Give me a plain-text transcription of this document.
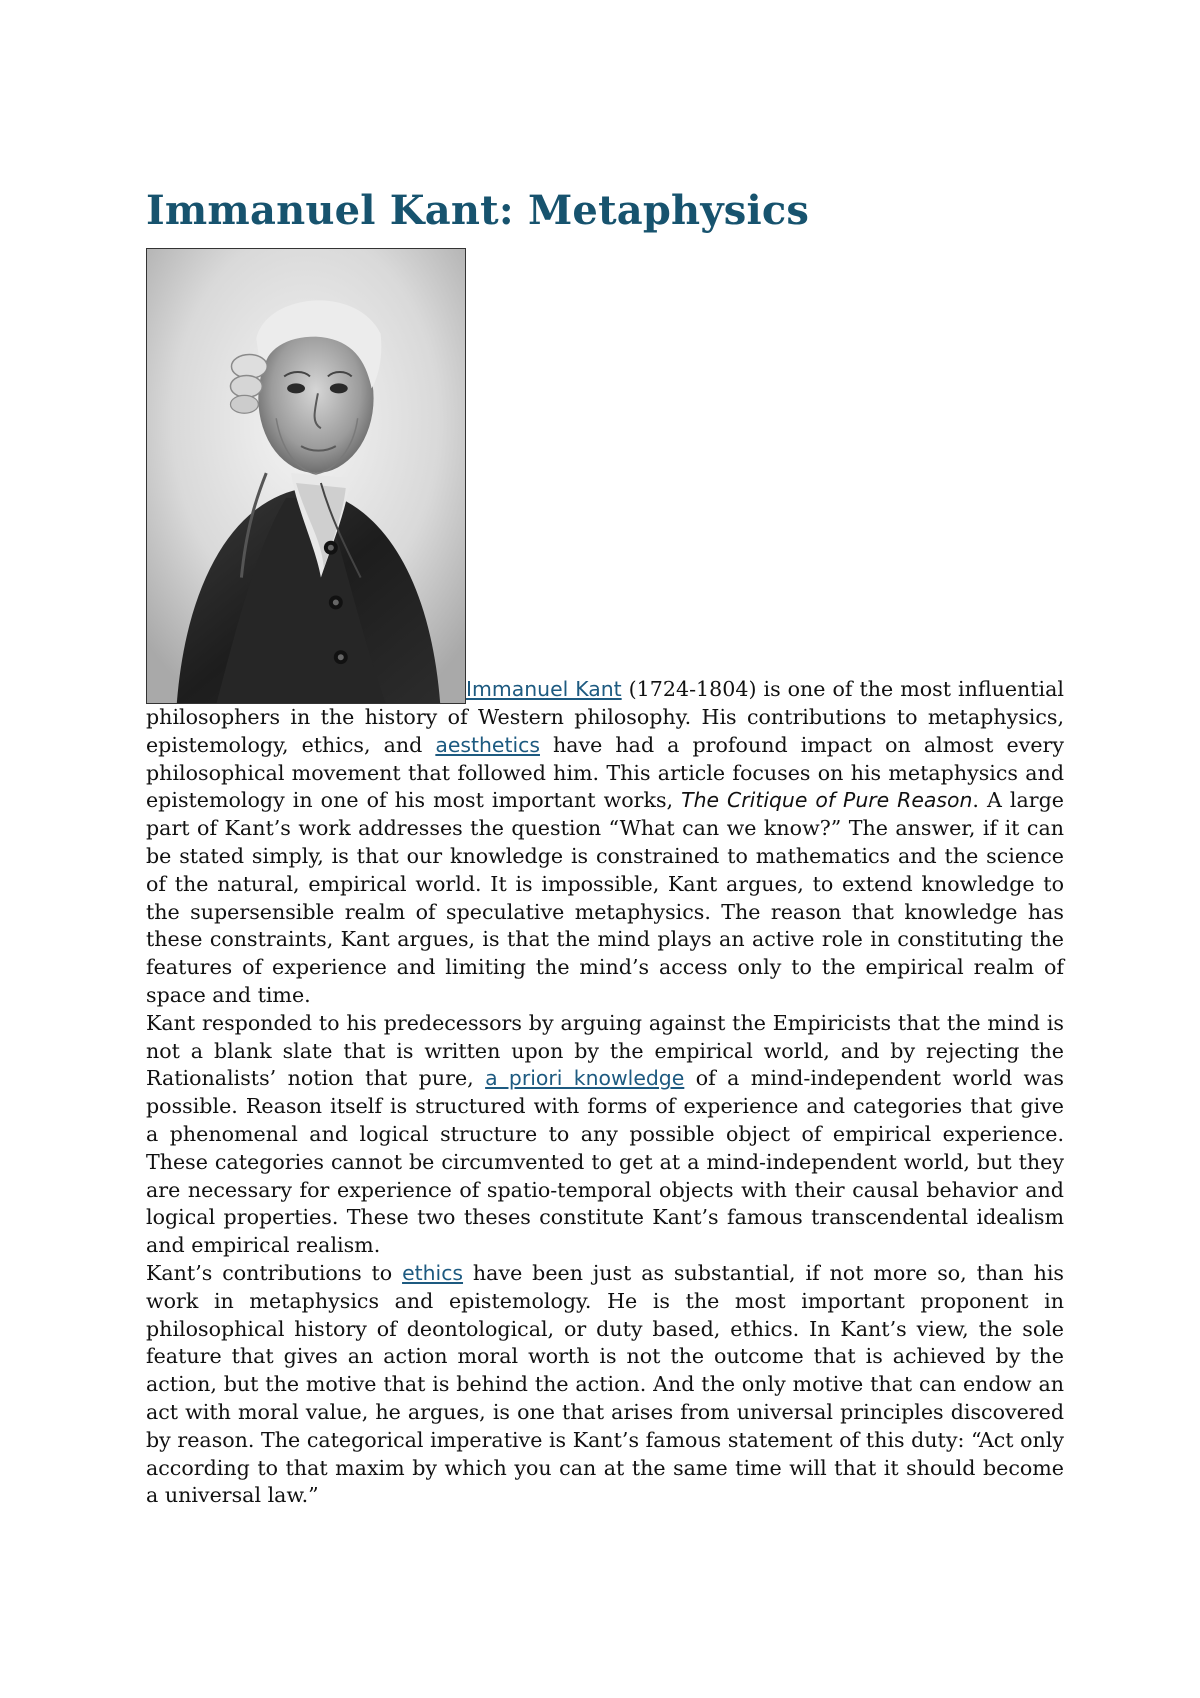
Immanuel Kant: Metaphysics

Immanuel Kant (1724-1804) is one of the most influential philosophers in the history of Western philosophy. His contributions to metaphysics, epistemology, ethics, and aesthetics have had a profound impact on almost every philosophical movement that followed him. This article focuses on his metaphysics and epistemology in one of his most important works, The Critique of Pure Reason. A large part of Kant’s work addresses the question “What can we know?” The answer, if it can be stated simply, is that our knowledge is constrained to mathematics and the science of the natural, empirical world. It is impossible, Kant argues, to extend knowledge to the supersensible realm of speculative metaphysics. The reason that knowledge has these constraints, Kant argues, is that the mind plays an active role in constituting the features of experience and limiting the mind’s access only to the empirical realm of space and time.

Kant responded to his predecessors by arguing against the Empiricists that the mind is not a blank slate that is written upon by the empirical world, and by rejecting the Rationalists’ notion that pure, a priori knowledge of a mind-independent world was possible. Reason itself is structured with forms of experience and categories that give a phenomenal and logical structure to any possible object of empirical experience. These categories cannot be circumvented to get at a mind-independent world, but they are necessary for experience of spatio-temporal objects with their causal behavior and logical properties. These two theses constitute Kant’s famous transcendental idealism and empirical realism.

Kant’s contributions to ethics have been just as substantial, if not more so, than his work in metaphysics and epistemology. He is the most important proponent in philosophical history of deontological, or duty based, ethics. In Kant’s view, the sole feature that gives an action moral worth is not the outcome that is achieved by the action, but the motive that is behind the action. And the only motive that can endow an act with moral value, he argues, is one that arises from universal principles discovered by reason. The categorical imperative is Kant’s famous statement of this duty: “Act only according to that maxim by which you can at the same time will that it should become a universal law.”
